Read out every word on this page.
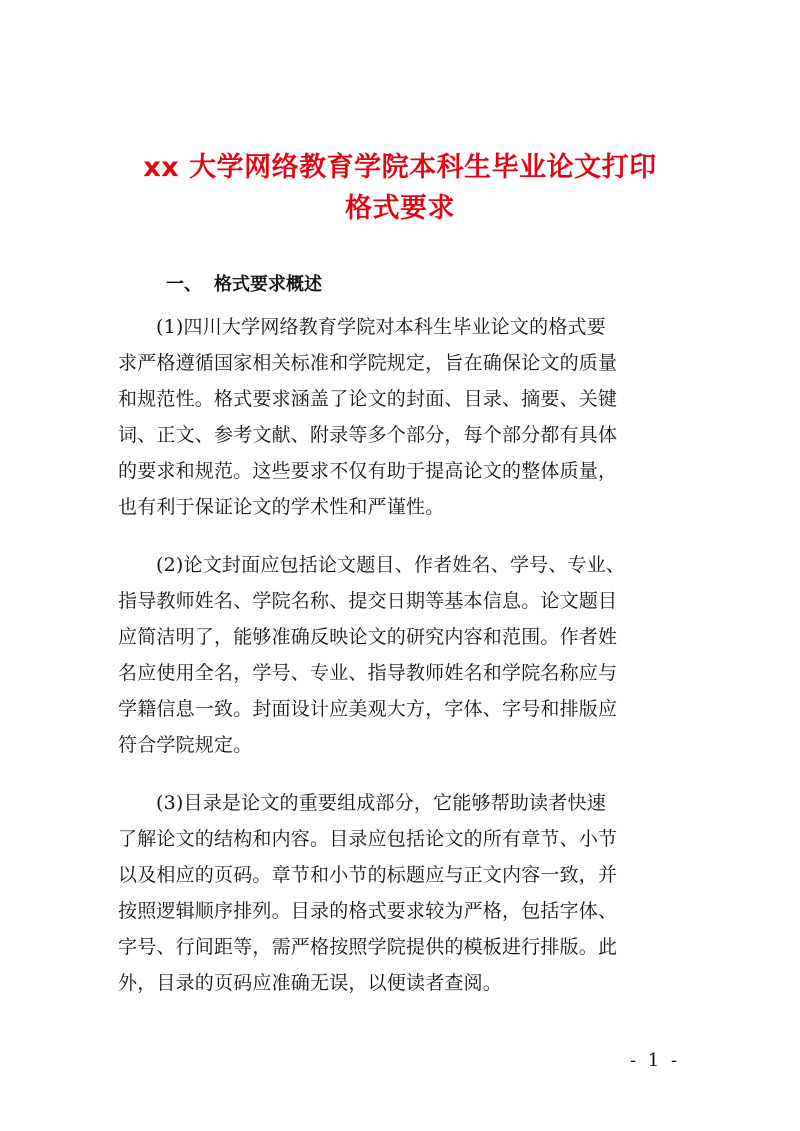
xx 大学网络教育学院本科生毕业论文打印
格式要求
一、 格式要求概述
(1)四川大学网络教育学院对本科生毕业论文的格式要
求严格遵循国家相关标准和学院规定，旨在确保论文的质量
和规范性。格式要求涵盖了论文的封面、目录、摘要、关键
词、正文、参考文献、附录等多个部分，每个部分都有具体
的要求和规范。这些要求不仅有助于提高论文的整体质量，
也有利于保证论文的学术性和严谨性。
(2)论文封面应包括论文题目、作者姓名、学号、专业、
指导教师姓名、学院名称、提交日期等基本信息。论文题目
应简洁明了，能够准确反映论文的研究内容和范围。作者姓
名应使用全名，学号、专业、指导教师姓名和学院名称应与
学籍信息一致。封面设计应美观大方，字体、字号和排版应
符合学院规定。
(3)目录是论文的重要组成部分，它能够帮助读者快速
了解论文的结构和内容。目录应包括论文的所有章节、小节
以及相应的页码。章节和小节的标题应与正文内容一致，并
按照逻辑顺序排列。目录的格式要求较为严格，包括字体、
字号、行间距等，需严格按照学院提供的模板进行排版。此
外，目录的页码应准确无误，以便读者查阅。
- 1 -
